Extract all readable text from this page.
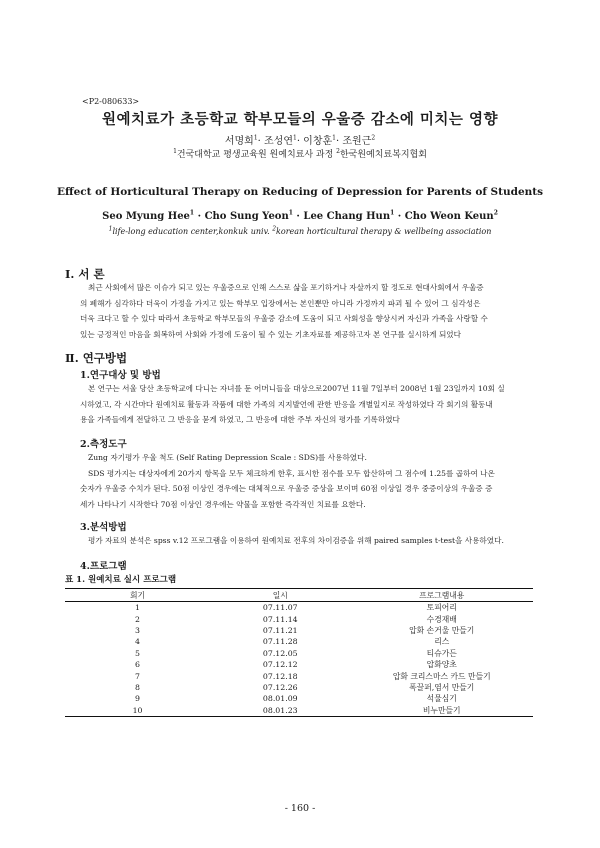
<P2-080633>
원예치료가 초등학교 학부모들의 우울증 감소에 미치는 영향
서명희$^1$· 조성연$^1$· 이창훈$^1$· 조원근$^2$
$^1$건국대학교 평생교육원 원예치료사 과정 $^2$한국원예치료복지협회
Effect of Horticultural Therapy on Reducing of Depression for Parents of Students
Seo Myung Hee$^1$ · Cho Sung Yeon$^1$ · Lee Chang Hun$^1$ · Cho Weon Keun$^2$
$^1$life-long education center,konkuk univ. $^2$korean horticultural therapy & wellbeing association
Ⅰ. 서 론
최근 사회에서 많은 이슈가 되고 있는 우울증으로 인해 스스로 삶을 포기하거나 자살까지 할 정도로 현대사회에서 우울증
의 폐해가 심각하다 더욱이 가정을 가지고 있는 학부모 입장에서는 본인뿐만 아니라 가정까지 파괴 될 수 있어 그 심각성은
더욱 크다고 할 수 있다 따라서 초등학교 학부모들의 우울증 감소에 도움이 되고 사회성을 향상시켜 자신과 가족을 사랑할 수
있는 긍정적인 마음을 회복하여 사회와 가정에 도움이 될 수 있는 기초자료를 제공하고자 본 연구를 실시하게 되었다
Ⅱ. 연구방법
1.연구대상 및 방법
본 연구는 서울 당산 초등학교에 다니는 자녀를 둔 어머니들을 대상으로2007년 11월 7일부터 2008년 1월 23일까지 10회 실
시하였고, 각 시간마다 원예치료 활동과 작품에 대한 가족의 지지발언에 관한 반응을 개별일지로 작성하였다 각 회기의 활동내
용을 가족들에게 전달하고 그 반응을 묻게 하였고, 그 반응에 대한 주부 자신의 평가를 기록하였다
2.측정도구
Zung 자기평가 우울 척도 (Self Rating Depression Scale : SDS)를 사용하였다.
SDS 평가지는 대상자에게 20가지 항목을 모두 체크하게 한후, 표시한 점수를 모두 합산하여 그 점수에 1.25를 곱하여 나온
숫자가 우울증 수치가 된다. 50점 이상인 경우에는 대체적으로 우울증 증상을 보이며 60점 이상일 경우 중증이상의 우울증 증
세가 나타나기 시작한다 70점 이상인 경우에는 약물을 포함한 즉각적인 치료를 요한다.
3.분석방법
평가 자료의 분석은 spss v.12 프로그램을 이용하여 원예치료 전후의 차이검증을 위해 paired samples t-test을 사용하였다.
4.프로그램
표 1. 원예치료 실시 프로그램
회기	일시	프로그램내용
1	07.11.07	토피어리
2	07.11.14	수경재배
3	07.11.21	압화 손거울 만들기
4	07.11.28	리스
5	07.12.05	티슈가든
6	07.12.12	압화양초
7	07.12.18	압화 크리스마스 카드 만들기
8	07.12.26	폭끌퍼,염서 만들기
9	08.01.09	석물심기
10	08.01.23	비누만들기
- 160 -
